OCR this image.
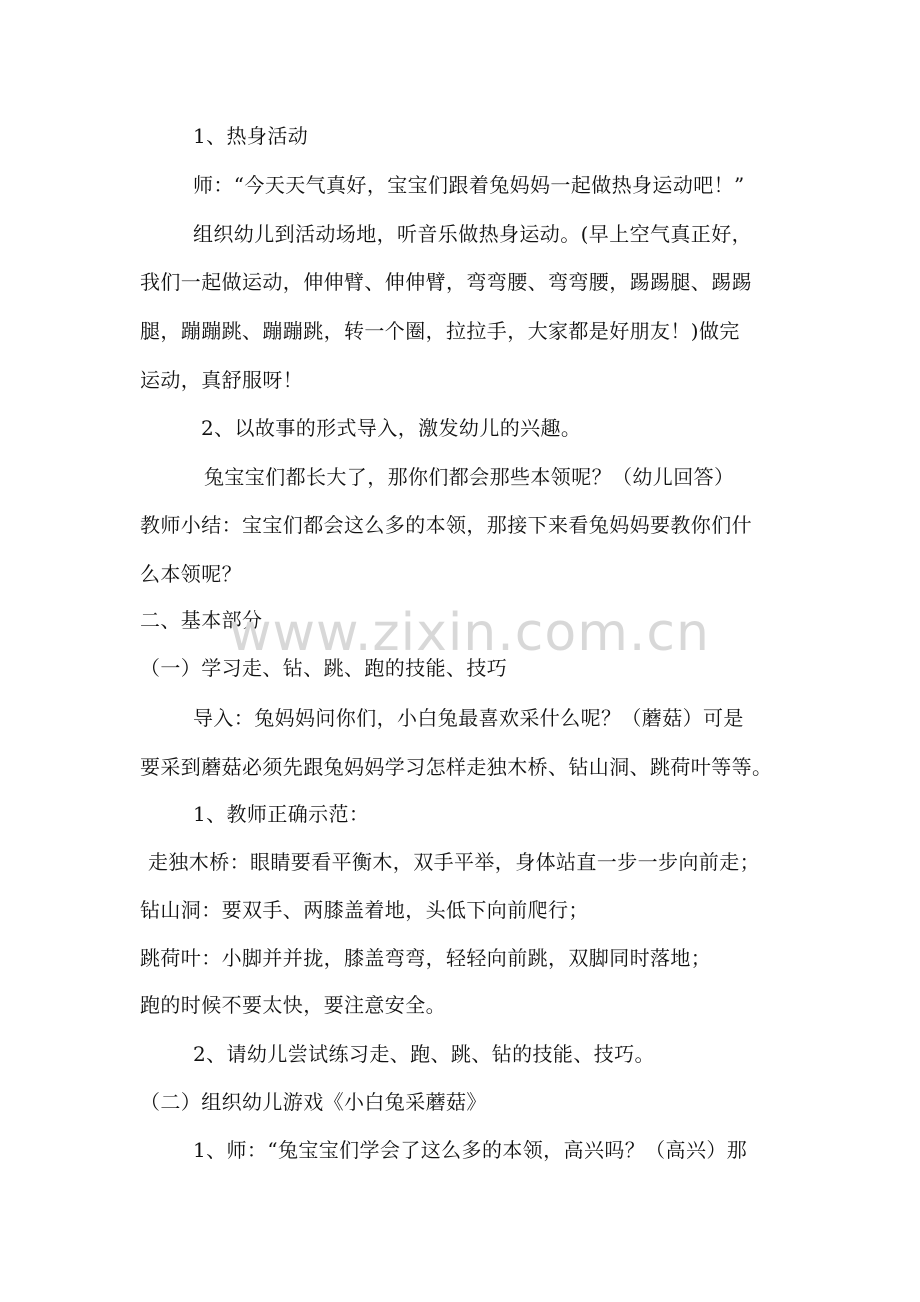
1、热身活动
师：“今天天气真好，宝宝们跟着兔妈妈一起做热身运动吧！”
组织幼儿到活动场地，听音乐做热身运动。(早上空气真正好，
我们一起做运动，伸伸臂、伸伸臂，弯弯腰、弯弯腰，踢踢腿、踢踢
腿，蹦蹦跳、蹦蹦跳，转一个圈，拉拉手，大家都是好朋友！)做完
运动，真舒服呀！
2、以故事的形式导入，激发幼儿的兴趣。
兔宝宝们都长大了，那你们都会那些本领呢？（幼儿回答）
教师小结：宝宝们都会这么多的本领，那接下来看兔妈妈要教你们什
么本领呢？
二、基本部分
（一）学习走、钻、跳、跑的技能、技巧
导入：兔妈妈问你们，小白兔最喜欢采什么呢？（蘑菇）可是
要采到蘑菇必须先跟兔妈妈学习怎样走独木桥、钻山洞、跳荷叶等等。
1、教师正确示范：
走独木桥：眼睛要看平衡木，双手平举，身体站直一步一步向前走；
钻山洞：要双手、两膝盖着地，头低下向前爬行；
跳荷叶：小脚并并拢，膝盖弯弯，轻轻向前跳，双脚同时落地；
跑的时候不要太快，要注意安全。
2、请幼儿尝试练习走、跑、跳、钻的技能、技巧。
（二）组织幼儿游戏《小白兔采蘑菇》
1、师：“兔宝宝们学会了这么多的本领，高兴吗？（高兴）那
www.zixin.com.cn
